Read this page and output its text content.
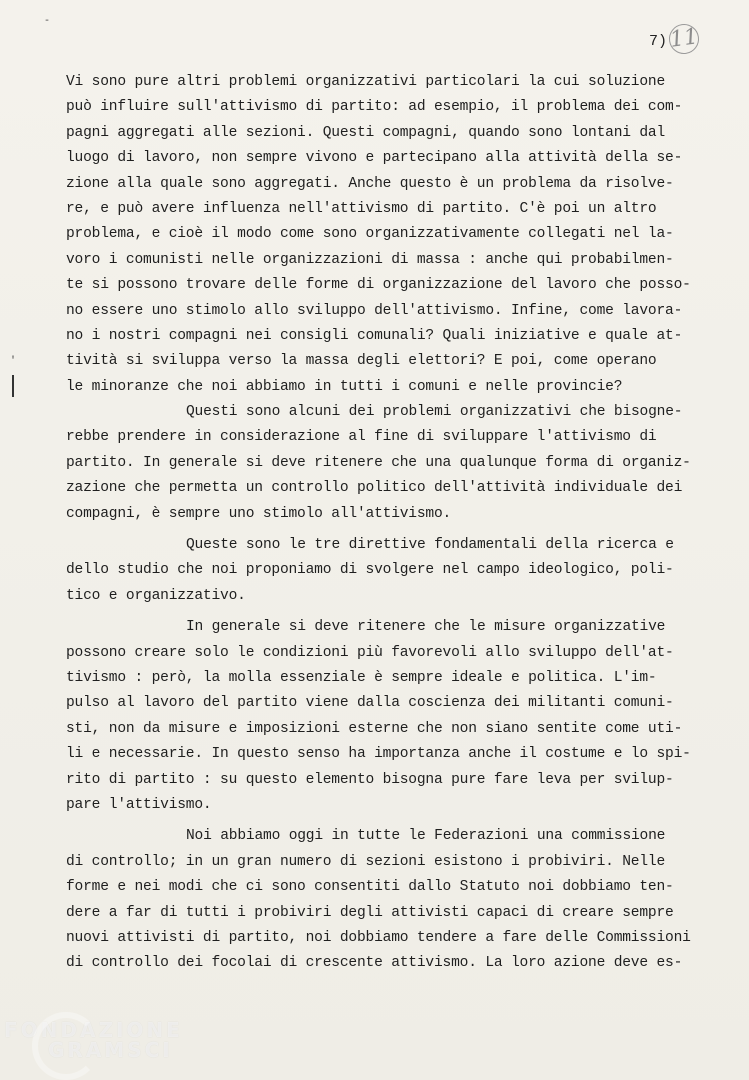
7)11
'
-
Vi sono pure altri problemi organizzativi particolari la cui soluzione
può influire sull'attivismo di partito: ad esempio, il problema dei com-
pagni aggregati alle sezioni. Questi compagni, quando sono lontani dal
luogo di lavoro, non sempre vivono e partecipano alla attività della se-
zione alla quale sono aggregati. Anche questo è un problema da risolve-
re, e può avere influenza nell'attivismo di partito. C'è poi un altro
problema, e cioè il modo come sono organizzativamente collegati nel la-
voro i comunisti nelle organizzazioni di massa : anche qui probabilmen-
te si possono trovare delle forme di organizzazione del lavoro che posso-
no essere uno stimolo allo sviluppo dell'attivismo. Infine, come lavora-
no i nostri compagni nei consigli comunali? Quali iniziative e quale at-
tività si sviluppa verso la massa degli elettori? E poi, come operano
le minoranze che noi abbiamo in tutti i comuni e nelle provincie?
Questi sono alcuni dei problemi organizzativi che bisogne-
rebbe prendere in considerazione al fine di sviluppare l'attivismo di
partito. In generale si deve ritenere che una qualunque forma di organiz-
zazione che permetta un controllo politico dell'attività individuale dei
compagni, è sempre uno stimolo all'attivismo.
Queste sono le tre direttive fondamentali della ricerca e
dello studio che noi proponiamo di svolgere nel campo ideologico, poli-
tico e organizzativo.
In generale si deve ritenere che le misure organizzative
possono creare solo le condizioni più favorevoli allo sviluppo dell'at-
tivismo : però, la molla essenziale è sempre ideale e politica. L'im-
pulso al lavoro del partito viene dalla coscienza dei militanti comuni-
sti, non da misure e imposizioni esterne che non siano sentite come uti-
li e necessarie. In questo senso ha importanza anche il costume e lo spi-
rito di partito : su questo elemento bisogna pure fare leva per svilup-
pare l'attivismo.
Noi abbiamo oggi in tutte le Federazioni una commissione
di controllo; in un gran numero di sezioni esistono i probiviri. Nelle
forme e nei modi che ci sono consentiti dallo Statuto noi dobbiamo ten-
dere a far di tutti i probiviri degli attivisti capaci di creare sempre
nuovi attivisti di partito, noi dobbiamo tendere a fare delle Commissioni
di controllo dei focolai di crescente attivismo. La loro azione deve es-
FONDAZIONE
GRAMSCI
